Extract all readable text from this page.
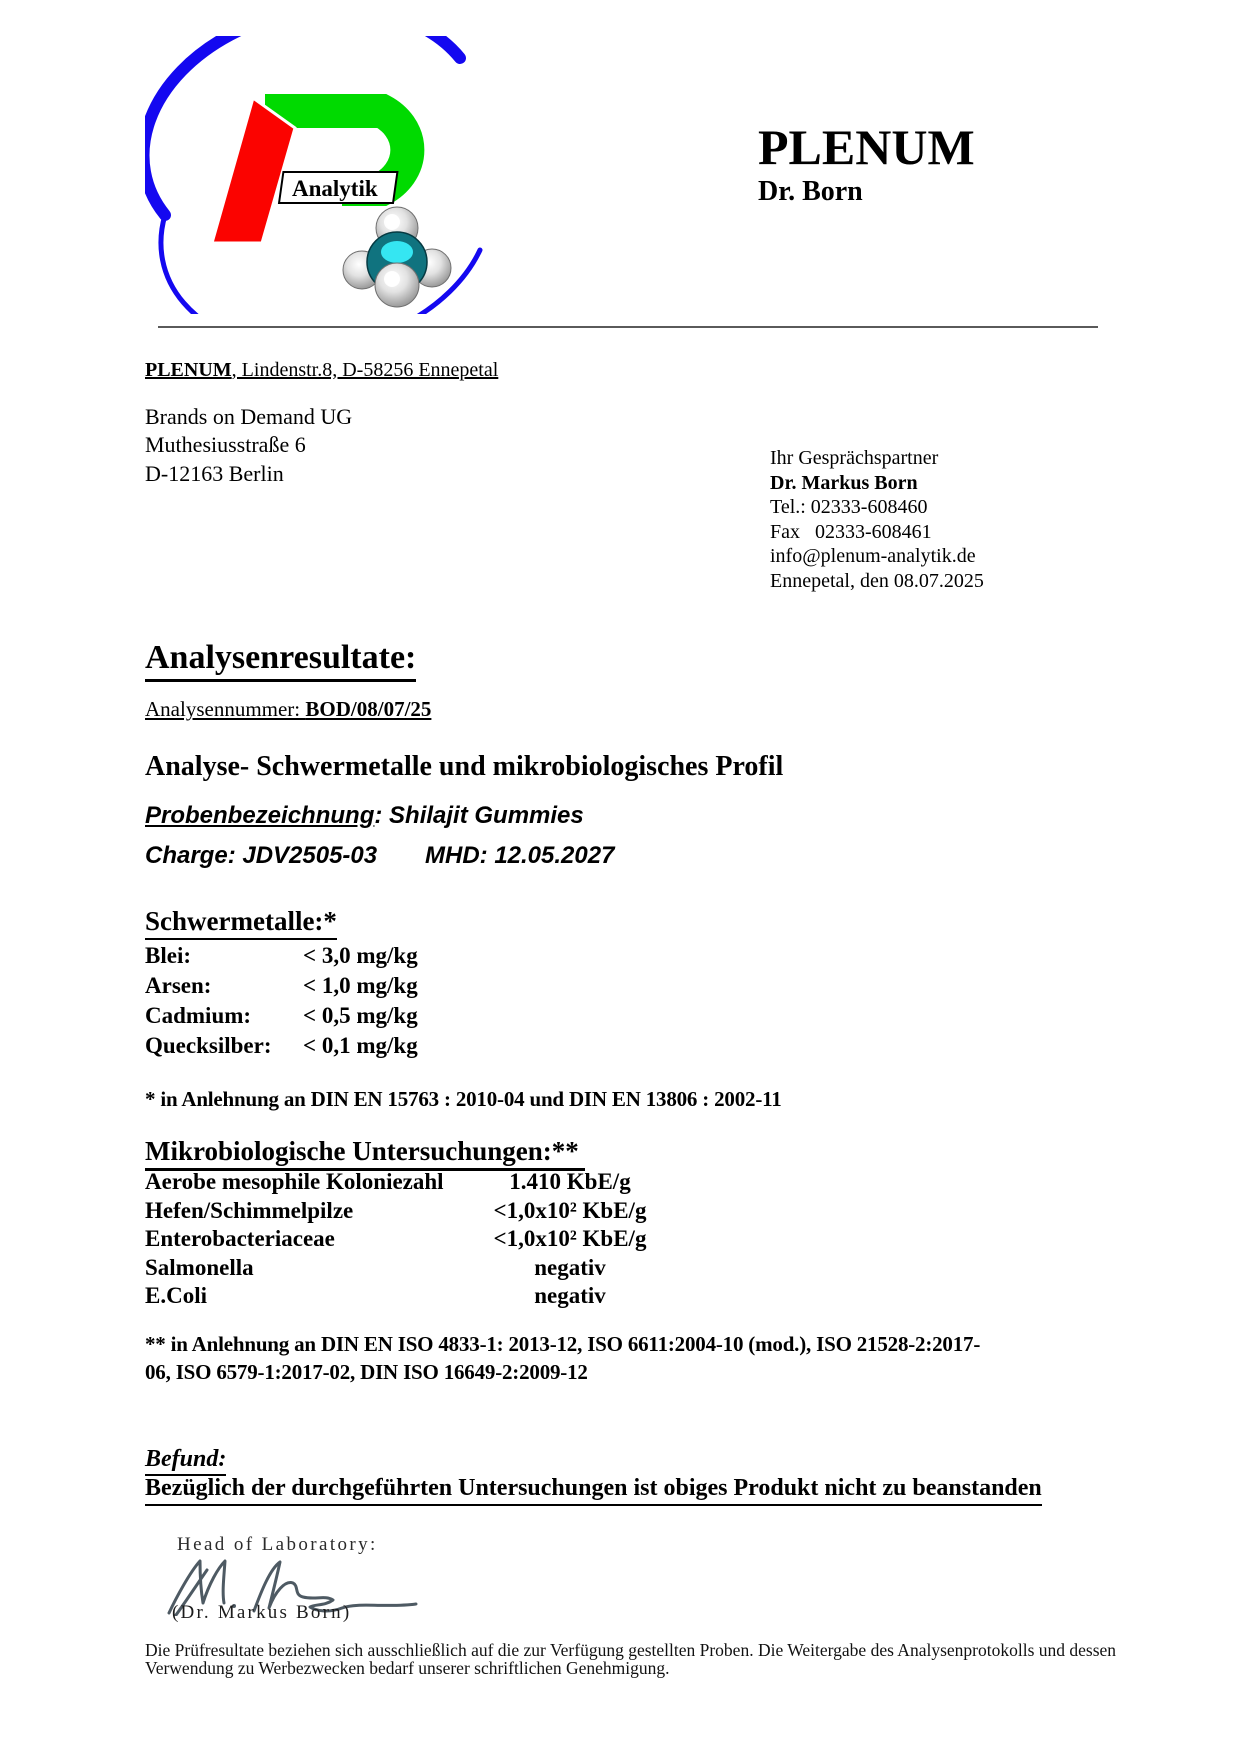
Analytik
PLENUM
Dr. Born
PLENUM, Lindenstr.8, D-58256 Ennepetal
Brands on Demand UG
Muthesiusstraße 6
D-12163 Berlin
Ihr Gesprächspartner
Dr. Markus Born
Tel.: 02333-608460
Fax   02333-608461
info@plenum-analytik.de
Ennepetal, den 08.07.2025
Analysenresultate:
Analysennummer: BOD/08/07/25
Analyse- Schwermetalle und mikrobiologisches Profil
Probenbezeichnung: Shilajit Gummies
Charge: JDV2505-03 MHD: 12.05.2027
Schwermetalle:*
Blei:	< 3,0 mg/kg
Arsen:	< 1,0 mg/kg
Cadmium:	< 0,5 mg/kg
Quecksilber:	< 0,1 mg/kg
* in Anlehnung an DIN EN 15763 : 2010-04 und DIN EN 13806 : 2002-11
Mikrobiologische Untersuchungen:**
Aerobe mesophile Koloniezahl	1.410 KbE/g
Hefen/Schimmelpilze	<1,0x10² KbE/g
Enterobacteriaceae	<1,0x10² KbE/g
Salmonella	negativ
E.Coli	negativ
** in Anlehnung an DIN EN ISO 4833-1: 2013-12, ISO 6611:2004-10 (mod.), ISO 21528-2:2017-
06, ISO 6579-1:2017-02, DIN ISO 16649-2:2009-12
Befund:
Bezüglich der durchgeführten Untersuchungen ist obiges Produkt nicht zu beanstanden
Head of Laboratory:
(Dr. Markus Born)
Die Prüfresultate beziehen sich ausschließlich auf die zur Verfügung gestellten Proben. Die Weitergabe des Analysenprotokolls und dessen
Verwendung zu Werbezwecken bedarf unserer schriftlichen Genehmigung.
